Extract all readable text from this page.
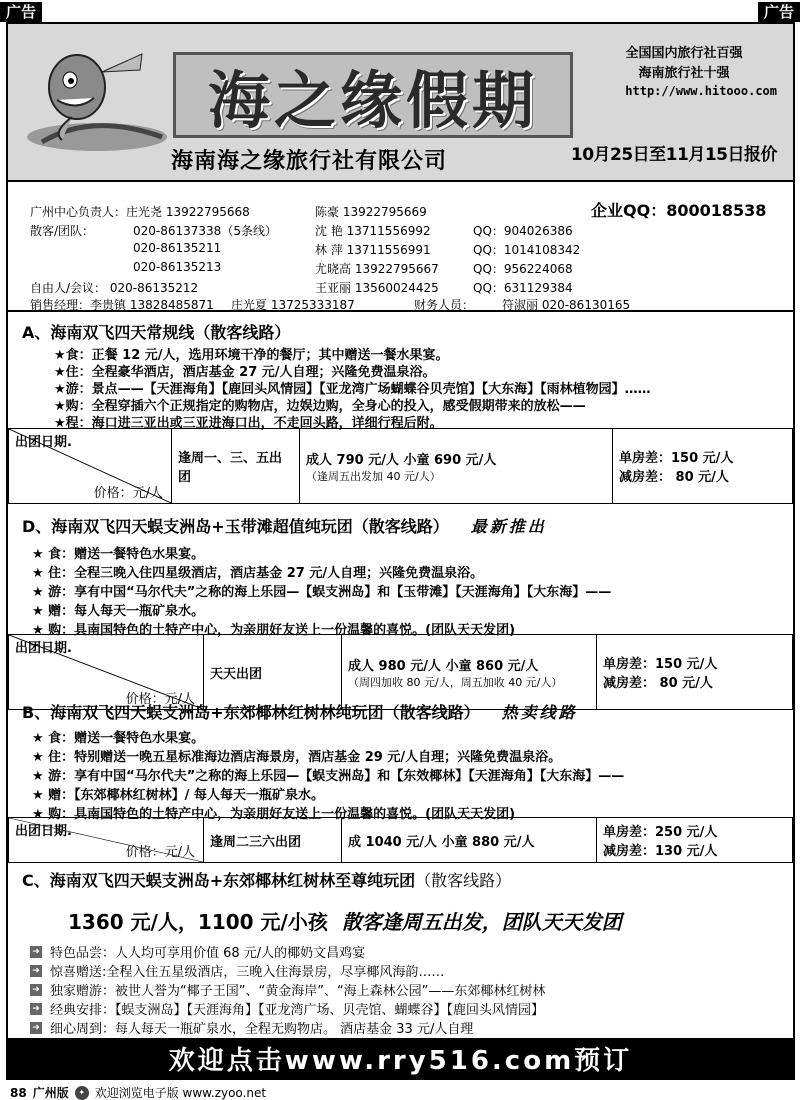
广告	广告
海之缘假期
海南海之缘旅行社有限公司
全国国内旅行社百强
海南旅行社十强
http://www.hitooo.com
10月25日至11月15日报价
广州中心负责人：庄光尧 13922795668	陈豪 13922795669	企业QQ：800018538
散客/团队：	020-86137338（5条线）	沈 艳 13711556992	QQ：904026386
020-86135211	林 萍 13711556991	QQ：1014108342
020-86135213	尤晓高 13922795667	QQ：956224068
自由人/会议： 020-86135212	王亚丽 13560024425	QQ：631129384
销售经理：李贵镇 13828485871 庄光夏 13725333187	财务人员： 符淑丽 020-86130165
A、海南双飞四天常规线（散客线路）
★食：正餐 12 元/人，选用环境干净的餐厅；其中赠送一餐水果宴。
★住：全程豪华酒店，酒店基金 27 元/人自理；兴隆免费温泉浴。
★游：景点——【天涯海角】【鹿回头风情园】【亚龙湾广场蝴蝶谷贝壳馆】【大东海】【雨林植物园】……
★购：全程穿插六个正规指定的购物店，边娱边购，全身心的投入，感受假期带来的放松——
★程：海口进三亚出或三亚进海口出，不走回头路，详细行程后附。
出团日期.
价格：元/人
	逢周一、三、五出团	
成人 790 元/人 小童 690 元/人
（逢周五出发加 40 元/人）

单房差：150 元/人
减房差： 80 元/人
D、海南双飞四天蜈支洲岛+玉带滩超值纯玩团（散客线路） 最新推出
★ 食：赠送一餐特色水果宴。
★ 住：全程三晚入住四星级酒店，酒店基金 27 元/人自理；兴隆免费温泉浴。
★ 游：享有中国“马尔代夫”之称的海上乐园—【蜈支洲岛】和【玉带滩】【天涯海角】【大东海】——
★ 赠：每人每天一瓶矿泉水。
★ 购：具南国特色的土特产中心，为亲朋好友送上一份温馨的喜悦。(团队天天发团)
出团日期.
价格：元/人
	天天出团	
成人 980 元/人 小童 860 元/人
（周四加收 80 元/人，周五加收 40 元/人）

单房差：150 元/人
减房差： 80 元/人
B、海南双飞四天蜈支洲岛+东郊椰林红树林纯玩团（散客线路） 热卖线路
★ 食：赠送一餐特色水果宴。
★ 住：特别赠送一晚五星标准海边酒店海景房，酒店基金 29 元/人自理；兴隆免费温泉浴。
★ 游：享有中国“马尔代夫”之称的海上乐园—【蜈支洲岛】和【东效椰林】【天涯海角】【大东海】——
★ 赠：【东郊椰林红树林】/ 每人每天一瓶矿泉水。
★ 购：具南国特色的土特产中心，为亲朋好友送上一份温馨的喜悦。(团队天天发团)
出团日期.
价格：元/人
	逢周二三六出团	成 1040 元/人 小童 880 元/人	
单房差：250 元/人
减房差：130 元/人
C、海南双飞四天蜈支洲岛+东郊椰林红树林至尊纯玩团（散客线路）
1360 元/人，1100 元/小孩 散客逢周五出发，团队天天发团
➜ 特色品尝：人人均可享用价值 68 元/人的椰奶文昌鸡宴
➜ 惊喜赠送:全程入住五星级酒店，三晚入住海景房，尽享椰风海韵……
➜ 独家赠游：被世人誉为“椰子王国”、“黄金海岸”、“海上森林公园”——东郊椰林红树林
➜ 经典安排：【蜈支洲岛】【天涯海角】【亚龙湾广场、贝壳馆、蝴蝶谷】【鹿回头风情园】
➜ 细心周到：每人每天一瓶矿泉水，全程无购物店。 酒店基金 33 元/人自理
欢迎点击www.rry516.com预订
88 广州版	✦ 欢迎浏览电子版 www.zyoo.net
